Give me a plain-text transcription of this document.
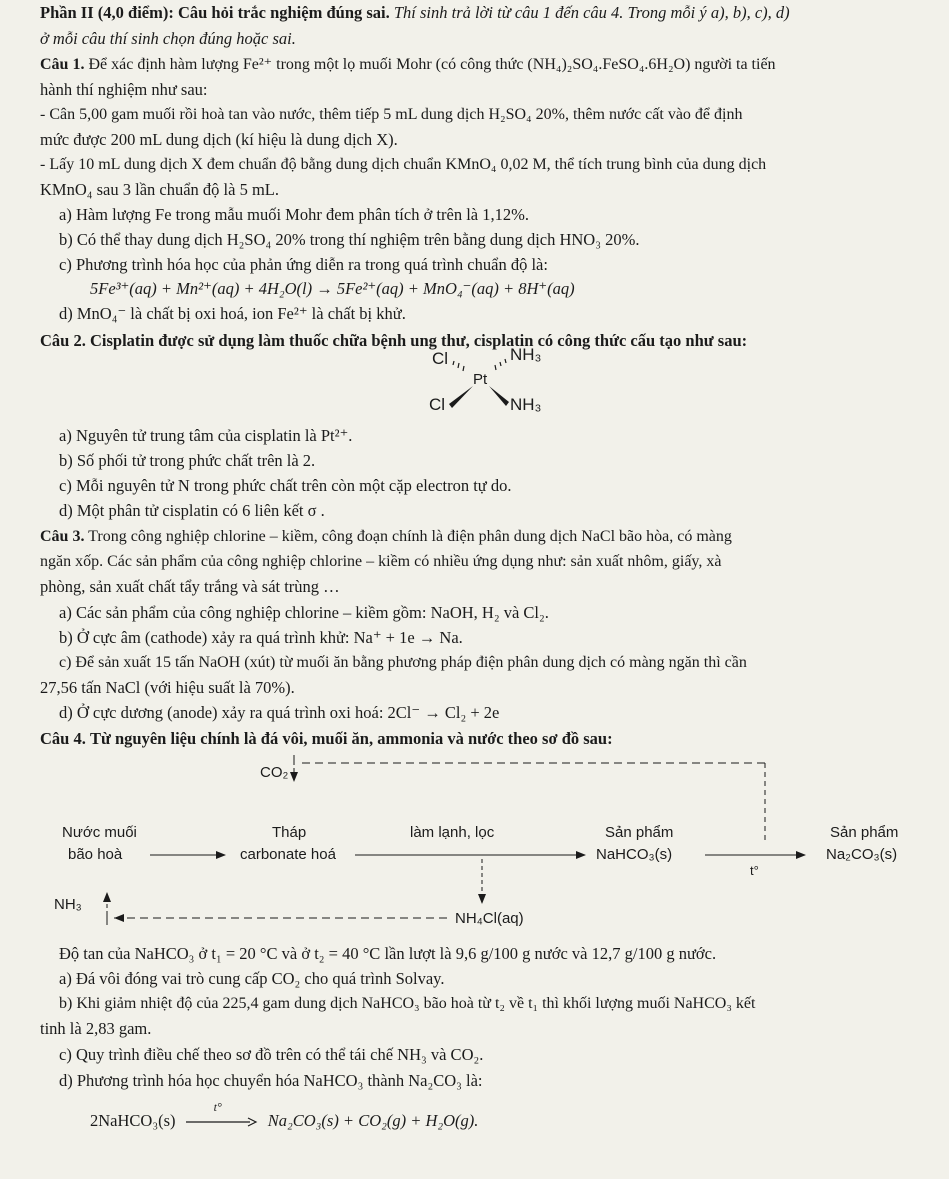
Phần II (4,0 điểm): Câu hỏi trắc nghiệm đúng sai. Thí sinh trả lời từ câu 1 đến câu 4. Trong mỗi ý a), b), c), d)
ở mỗi câu thí sinh chọn đúng hoặc sai.
Câu 1. Để xác định hàm lượng Fe²⁺ trong một lọ muối Mohr (có công thức (NH₄)₂SO₄.FeSO₄.6H₂O) người ta tiến
hành thí nghiệm như sau:
- Cân 5,00 gam muối rồi hoà tan vào nước, thêm tiếp 5 mL dung dịch H₂SO₄ 20%, thêm nước cất vào để định
mức được 200 mL dung dịch (kí hiệu là dung dịch X).
- Lấy 10 mL dung dịch X đem chuẩn độ bằng dung dịch chuẩn KMnO₄ 0,02 M, thể tích trung bình của dung dịch
KMnO₄ sau 3 lần chuẩn độ là 5 mL.
a) Hàm lượng Fe trong mẫu muối Mohr đem phân tích ở trên là 1,12%.
b) Có thể thay dung dịch H₂SO₄ 20% trong thí nghiệm trên bằng dung dịch HNO₃ 20%.
c) Phương trình hóa học của phản ứng diễn ra trong quá trình chuẩn độ là:
5Fe³⁺(aq) + Mn²⁺(aq) + 4H₂O(l) → 5Fe²⁺(aq) + MnO₄⁻(aq) + 8H⁺(aq)
d) MnO₄⁻ là chất bị oxi hoá, ion Fe²⁺ là chất bị khử.
Câu 2. Cisplatin được sử dụng làm thuốc chữa bệnh ung thư, cisplatin có công thức cấu tạo như sau:
Cl	NH₃
Pt
Cl	NH₃
a) Nguyên tử trung tâm của cisplatin là Pt²⁺.
b) Số phối tử trong phức chất trên là 2.
c) Mỗi nguyên tử N trong phức chất trên còn một cặp electron tự do.
d) Một phân tử cisplatin có 6 liên kết σ .
Câu 3. Trong công nghiệp chlorine – kiềm, công đoạn chính là điện phân dung dịch NaCl bão hòa, có màng
ngăn xốp. Các sản phẩm của công nghiệp chlorine – kiềm có nhiều ứng dụng như: sản xuất nhôm, giấy, xà
phòng, sản xuất chất tẩy trắng và sát trùng …
a) Các sản phẩm của công nghiệp chlorine – kiềm gồm: NaOH, H₂ và Cl₂.
b) Ở cực âm (cathode) xảy ra quá trình khử: Na⁺ + 1e → Na.
c) Để sản xuất 15 tấn NaOH (xút) từ muối ăn bằng phương pháp điện phân dung dịch có màng ngăn thì cần
27,56 tấn NaCl (với hiệu suất là 70%).
d) Ở cực dương (anode) xảy ra quá trình oxi hoá: 2Cl⁻ → Cl₂ + 2e
Câu 4. Từ nguyên liệu chính là đá vôi, muối ăn, ammonia và nước theo sơ đồ sau:
CO₂
Nước muối
bão hoà
Tháp
carbonate hoá
làm lạnh, lọc	Sản phẩm
NaHCO₃(s)
t°
Sản phẩm
Na₂CO₃(s)
NH₃
NH₄Cl(aq)
Độ tan của NaHCO₃ ở t₁ = 20 °C và ở t₂ = 40 °C lần lượt là 9,6 g/100 g nước và 12,7 g/100 g nước.
a) Đá vôi đóng vai trò cung cấp CO₂ cho quá trình Solvay.
b) Khi giảm nhiệt độ của 225,4 gam dung dịch NaHCO₃ bão hoà từ t₂ về t₁ thì khối lượng muối NaHCO₃ kết
tinh là 2,83 gam.
c) Quy trình điều chế theo sơ đồ trên có thể tái chế NH₃ và CO₂.
d) Phương trình hóa học chuyển hóa NaHCO₃ thành Na₂CO₃ là:
2NaHCO₃(s)
t°
Na₂CO₃(s) + CO₂(g) + H₂O(g).
